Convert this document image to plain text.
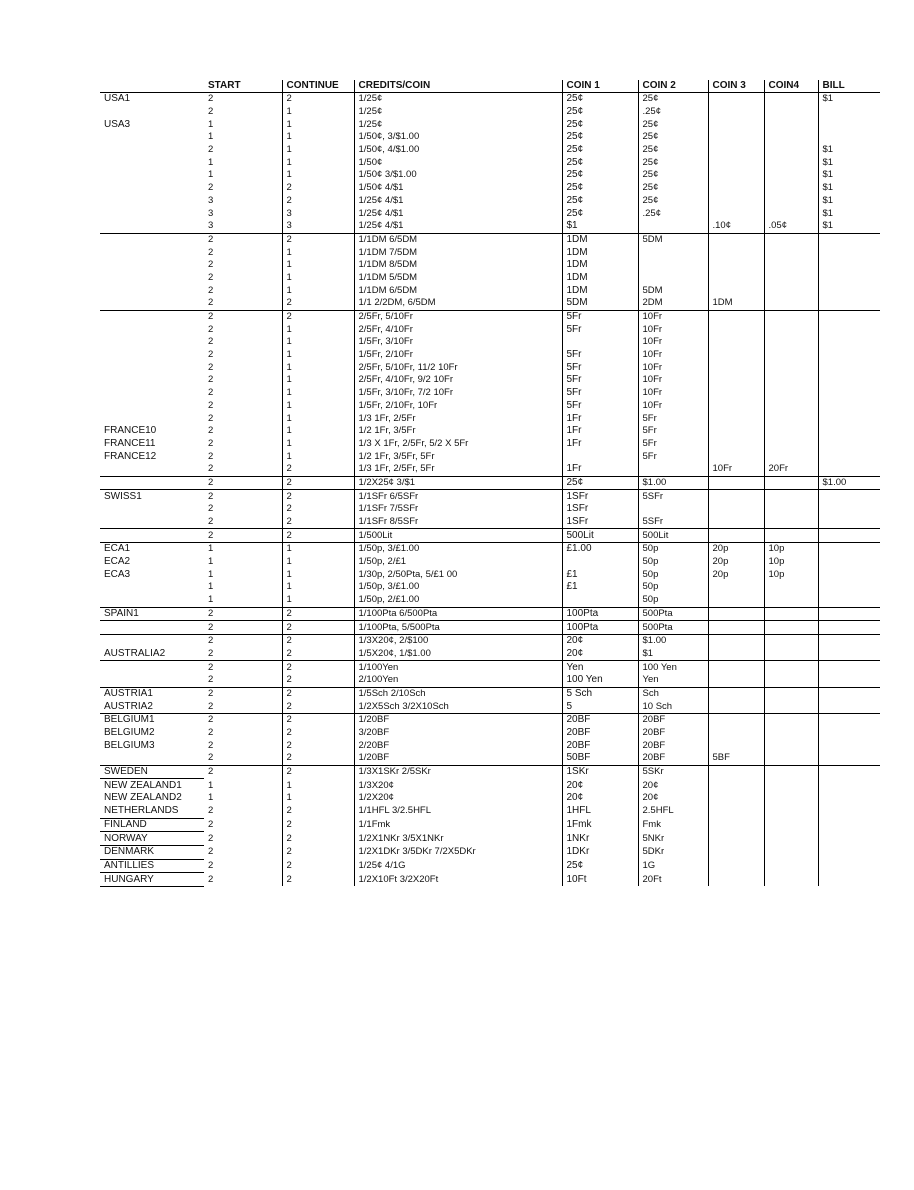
	START	CONTINUE	CREDITS/COIN	COIN 1	COIN 2	COIN 3	COIN4	BILL
USA1	2	2	1/25¢	25¢	25¢			$1
	2	1	1/25¢	25¢	.25¢			
USA3	1	1	1/25¢	25¢	25¢			
	1	1	1/50¢, 3/$1.00	25¢	25¢			
	2	1	1/50¢, 4/$1.00	25¢	25¢			$1
	1	1	1/50¢	25¢	25¢			$1
	1	1	1/50¢ 3/$1.00	25¢	25¢			$1
	2	2	1/50¢ 4/$1	25¢	25¢			$1
	3	2	1/25¢ 4/$1	25¢	25¢			$1
	3	3	1/25¢ 4/$1	25¢	.25¢			$1
	3	3	1/25¢ 4/$1	$1		.10¢	.05¢	$1
	2	2	1/1DM 6/5DM	1DM	5DM			
	2	1	1/1DM 7/5DM	1DM				
	2	1	1/1DM 8/5DM	1DM				
	2	1	1/1DM 5/5DM	1DM				
	2	1	1/1DM 6/5DM	1DM	5DM			
	2	2	1/1 2/2DM, 6/5DM	5DM	2DM	1DM		
	2	2	2/5Fr, 5/10Fr	5Fr	10Fr			
	2	1	2/5Fr, 4/10Fr	5Fr	10Fr			
	2	1	1/5Fr, 3/10Fr		10Fr			
	2	1	1/5Fr, 2/10Fr	5Fr	10Fr			
	2	1	2/5Fr, 5/10Fr, 11/2 10Fr	5Fr	10Fr			
	2	1	2/5Fr, 4/10Fr, 9/2 10Fr	5Fr	10Fr			
	2	1	1/5Fr, 3/10Fr, 7/2 10Fr	5Fr	10Fr			
	2	1	1/5Fr, 2/10Fr, 10Fr	5Fr	10Fr			
	2	1	1/3 1Fr, 2/5Fr	1Fr	5Fr			
FRANCE10	2	1	1/2 1Fr, 3/5Fr	1Fr	5Fr			
FRANCE11	2	1	1/3 X 1Fr, 2/5Fr, 5/2 X 5Fr	1Fr	5Fr			
FRANCE12	2	1	1/2 1Fr, 3/5Fr, 5Fr		5Fr			
	2	2	1/3 1Fr, 2/5Fr, 5Fr	1Fr		10Fr	20Fr	
	2	2	1/2X25¢ 3/$1	25¢	$1.00			$1.00
SWISS1	2	2	1/1SFr 6/5SFr	1SFr	5SFr			
	2	2	1/1SFr 7/5SFr	1SFr				
	2	2	1/1SFr 8/5SFr	1SFr	5SFr			
	2	2	1/500Lit	500Lit	500Lit			
ECA1	1	1	1/50p, 3/£1.00	£1.00	50p	20p	10p	
ECA2	1	1	1/50p, 2/£1		50p	20p	10p	
ECA3	1	1	1/30p, 2/50Pta, 5/£1 00	£1	50p	20p	10p	
	1	1	1/50p, 3/£1.00	£1	50p			
	1	1	1/50p, 2/£1.00		50p			
SPAIN1	2	2	1/100Pta 6/500Pta	100Pta	500Pta			
	2	2	1/100Pta, 5/500Pta	100Pta	500Pta			
	2	2	1/3X20¢, 2/$100	20¢	$1.00			
AUSTRALIA2	2	2	1/5X20¢, 1/$1.00	20¢	$1			
	2	2	1/100Yen	Yen	100 Yen			
	2	2	2/100Yen	100 Yen	Yen			
AUSTRIA1	2	2	1/5Sch 2/10Sch	5 Sch	Sch			
AUSTRIA2	2	2	1/2X5Sch 3/2X10Sch	5	10 Sch			
BELGIUM1	2	2	1/20BF	20BF	20BF			
BELGIUM2	2	2	3/20BF	20BF	20BF			
BELGIUM3	2	2	2/20BF	20BF	20BF			
	2	2	1/20BF	50BF	20BF	5BF		
SWEDEN	2	2	1/3X1SKr 2/5SKr	1SKr	5SKr			
NEW ZEALAND1	1	1	1/3X20¢	20¢	20¢			
NEW ZEALAND2	1	1	1/2X20¢	20¢	20¢			
NETHERLANDS	2	2	1/1HFL 3/2.5HFL	1HFL	2.5HFL			
FINLAND	2	2	1/1Fmk	1Fmk	Fmk			
NORWAY	2	2	1/2X1NKr 3/5X1NKr	1NKr	5NKr			
DENMARK	2	2	1/2X1DKr 3/5DKr 7/2X5DKr	1DKr	5DKr			
ANTILLIES	2	2	1/25¢ 4/1G	25¢	1G			
HUNGARY	2	2	1/2X10Ft 3/2X20Ft	10Ft	20Ft			
